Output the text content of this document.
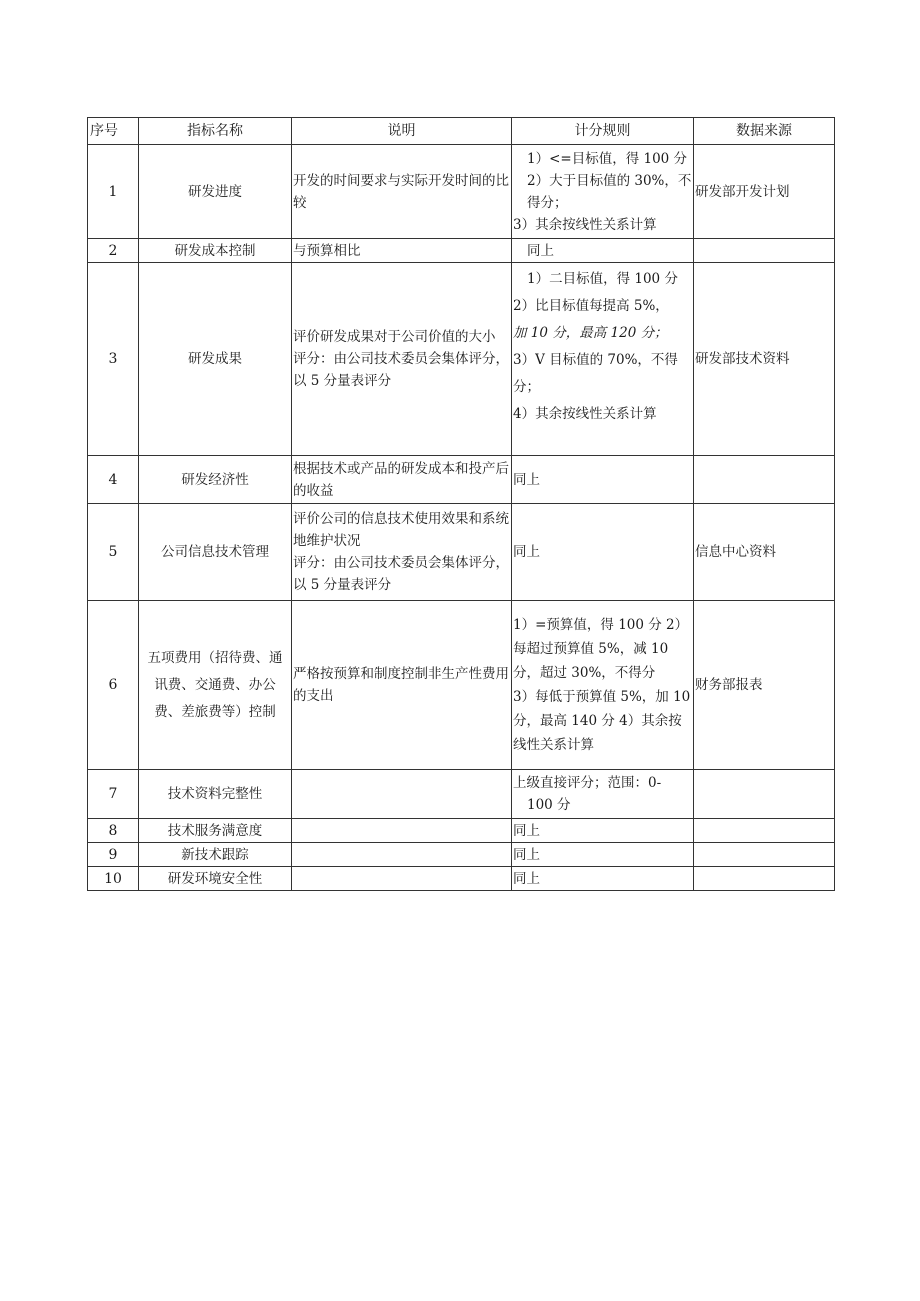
序号	指标名称	说明	计分规则	数据来源
1	研发进度	开发的时间要求与实际开发时间的比较	1）<=目标值，得 100 分 2）大于目标值的 30%，不得分；
3）其余按线性关系计算	研发部开发计划
2	研发成本控制	与预算相比	同上	

3	研发成果	评价研发成果对于公司价值的大小
评分：由公司技术委员会集体评分，以 5 分量表评分	1）二目标值，得 100 分
2）比目标值每提高 5%，
加 10 分，最高 120 分；
3）V 目标值的 70%，不得分；
4）其余按线性关系计算	研发部技术资料
4	研发经济性	根据技术或产品的研发成本和投产后的收益	同上	

5	公司信息技术管理	评价公司的信息技术使用效果和系统地维护状况
评分：由公司技术委员会集体评分，以 5 分量表评分	同上	信息中心资料
6	五项费用（招待费、通讯费、交通费、办公费、差旅费等）控制	严格按预算和制度控制非生产性费用的支出	1）=预算值，得 100 分 2）每超过预算值 5%，减 10 分，超过 30%，不得分
3）每低于预算值 5%，加 10 分，最高 140 分 4）其余按线性关系计算	财务部报表
7	技术资料完整性		上级直接评分；范围：0-
100 分	

8	技术服务满意度		同上	

9	新技术跟踪		同上	

10	研发环境安全性		同上	
